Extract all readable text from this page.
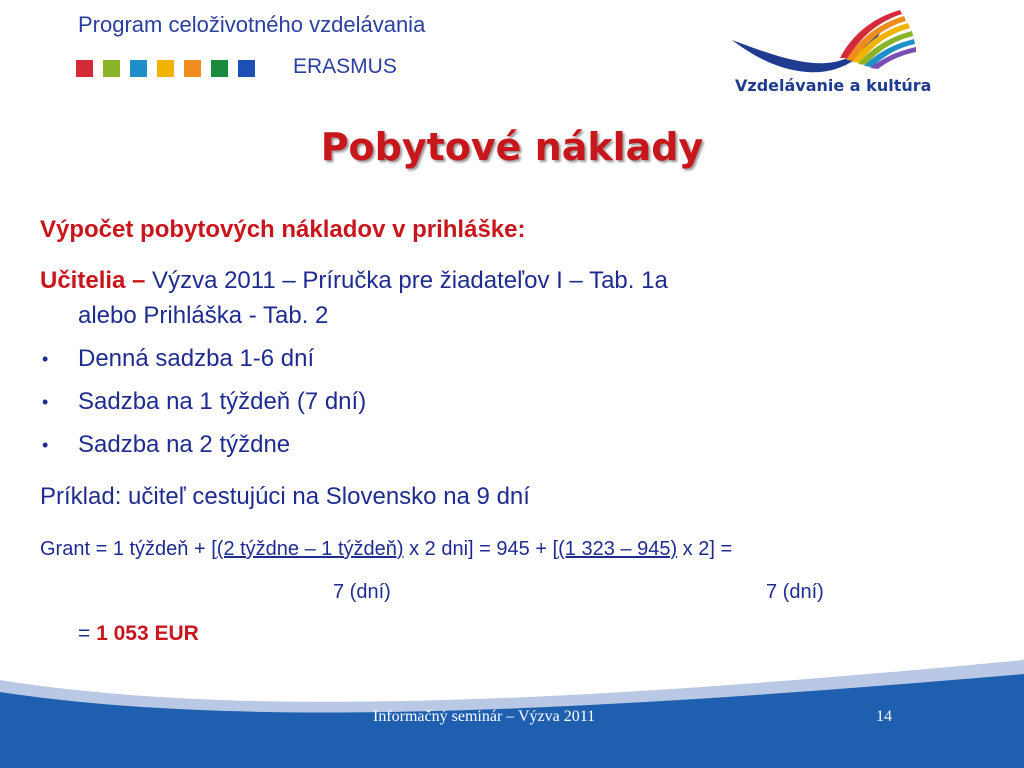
Program celoživotného vzdelávania
ERASMUS
Vzdelávanie a kultúra
Pobytové náklady
Výpočet pobytových nákladov v prihláške:
Učitelia – Výzva 2011 – Príručka pre žiadateľov I – Tab. 1a
alebo Prihláška - Tab. 2
• Denná sadzba 1-6 dní
• Sadzba na 1 týždeň (7 dní)
• Sadzba na 2 týždne
Príklad: učiteľ cestujúci na Slovensko na 9 dní
Grant = 1 týždeň + [(2 týždne – 1 týždeň) x 2 dni] = 945 + [(1 323 – 945) x 2] =
7 (dní)	7 (dní)
= 1 053 EUR
Informačný seminár – Výzva 2011	14
